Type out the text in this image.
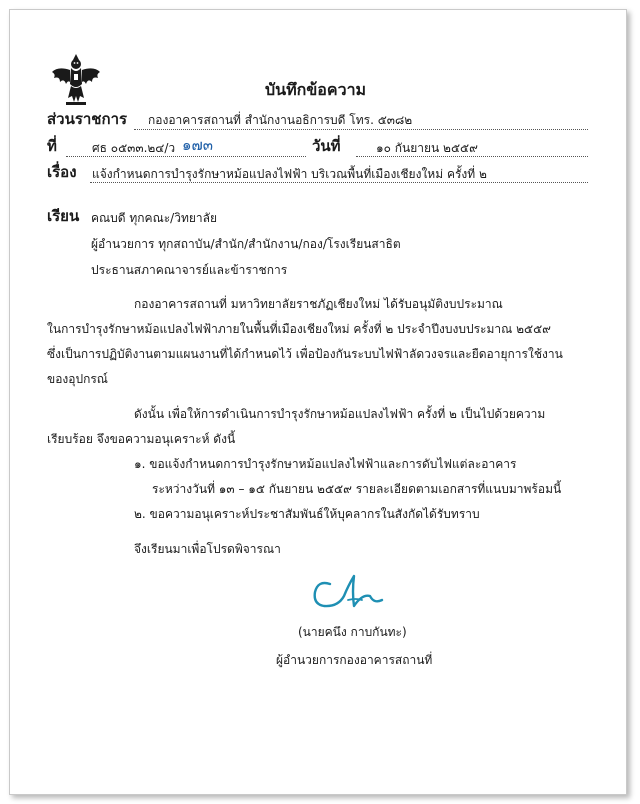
บันทึกข้อความ
ส่วนราชการ กองอาคารสถานที่ สำนักงานอธิการบดี โทร. ๕๓๘๒
ที่	ศธ ๐๕๓๓.๒๔/ว ๑๗๓	วันที่	๑๐ กันยายน ๒๕๕๙
เรื่อง แจ้งกำหนดการบำรุงรักษาหม้อแปลงไฟฟ้า บริเวณพื้นที่เมืองเชียงใหม่ ครั้งที่ ๒
เรียน คณบดี ทุกคณะ/วิทยาลัย
ผู้อำนวยการ ทุกสถาบัน/สำนัก/สำนักงาน/กอง/โรงเรียนสาธิต
ประธานสภาคณาจารย์และข้าราชการ
กองอาคารสถานที่ มหาวิทยาลัยราชภัฏเชียงใหม่ ได้รับอนุมัติงบประมาณ
ในการบำรุงรักษาหม้อแปลงไฟฟ้าภายในพื้นที่เมืองเชียงใหม่ ครั้งที่ ๒ ประจำปีงบงบประมาณ ๒๕๕๙
ซึ่งเป็นการปฏิบัติงานตามแผนงานที่ได้กำหนดไว้ เพื่อป้องกันระบบไฟฟ้าลัดวงจรและยืดอายุการใช้งาน
ของอุปกรณ์
ดังนั้น เพื่อให้การดำเนินการบำรุงรักษาหม้อแปลงไฟฟ้า ครั้งที่ ๒ เป็นไปด้วยความ
เรียบร้อย จึงขอความอนุเคราะห์ ดังนี้
๑. ขอแจ้งกำหนดการบำรุงรักษาหม้อแปลงไฟฟ้าและการดับไฟแต่ละอาคาร
ระหว่างวันที่ ๑๓ – ๑๕ กันยายน ๒๕๕๙ รายละเอียดตามเอกสารที่แนบมาพร้อมนี้
๒. ขอความอนุเคราะห์ประชาสัมพันธ์ให้บุคลากรในสังกัดได้รับทราบ
จึงเรียนมาเพื่อโปรดพิจารณา
(นายคนึง กาบกันทะ)
ผู้อำนวยการกองอาคารสถานที่
